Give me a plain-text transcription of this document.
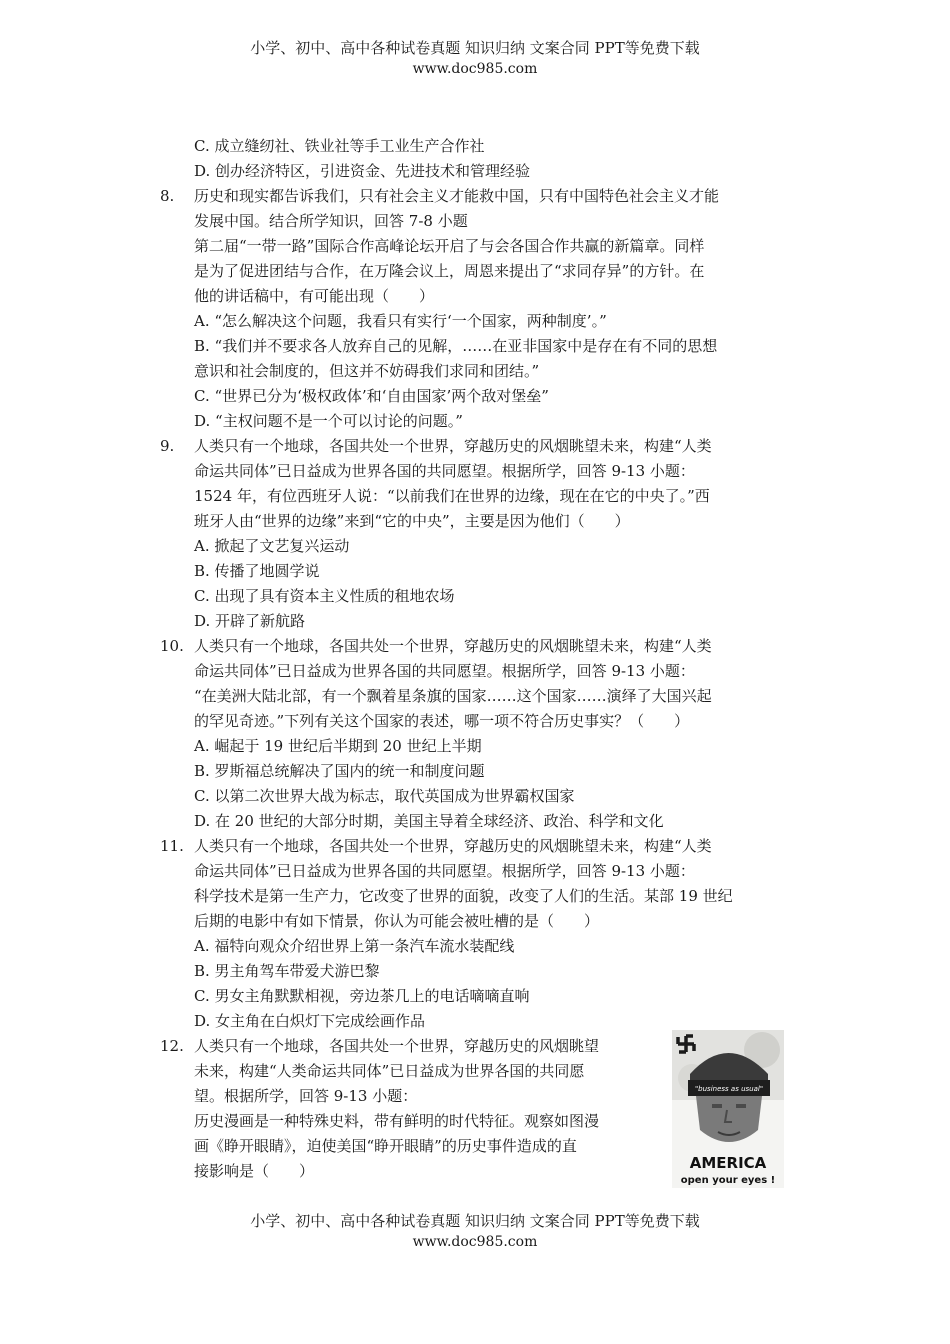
小学、初中、高中各种试卷真题 知识归纳 文案合同 PPT等免费下载
www.doc985.com
C. 成立缝纫社、铁业社等手工业生产合作社
D. 创办经济特区，引进资金、先进技术和管理经验
8. 历史和现实都告诉我们，只有社会主义才能救中国，只有中国特色社会主义才能
发展中国。结合所学知识，回答 7-8 小题
第二届“一带一路”国际合作高峰论坛开启了与会各国合作共赢的新篇章。同样
是为了促进团结与合作，在万隆会议上，周恩来提出了“求同存异”的方针。在
他的讲话稿中，有可能出现（　　）
A. “怎么解决这个问题，我看只有实行‘一个国家，两种制度’。”
B. “我们并不要求各人放弃自己的见解，……在亚非国家中是存在有不同的思想
意识和社会制度的，但这并不妨碍我们求同和团结。”
C. “世界已分为‘极权政体’和‘自由国家’两个敌对堡垒”
D. “主权问题不是一个可以讨论的问题。”
9. 人类只有一个地球，各国共处一个世界，穿越历史的风烟眺望未来，构建“人类
命运共同体”已日益成为世界各国的共同愿望。根据所学，回答 9-13 小题：
1524 年，有位西班牙人说：“以前我们在世界的边缘，现在在它的中央了。”西
班牙人由“世界的边缘”来到“它的中央”，主要是因为他们（　　）
A. 掀起了文艺复兴运动
B. 传播了地圆学说
C. 出现了具有资本主义性质的租地农场
D. 开辟了新航路
10. 人类只有一个地球，各国共处一个世界，穿越历史的风烟眺望未来，构建“人类
命运共同体”已日益成为世界各国的共同愿望。根据所学，回答 9-13 小题：
“在美洲大陆北部，有一个飘着星条旗的国家……这个国家……演绎了大国兴起
的罕见奇迹。”下列有关这个国家的表述，哪一项不符合历史事实？（　　）
A. 崛起于 19 世纪后半期到 20 世纪上半期
B. 罗斯福总统解决了国内的统一和制度问题
C. 以第二次世界大战为标志，取代英国成为世界霸权国家
D. 在 20 世纪的大部分时期，美国主导着全球经济、政治、科学和文化
11. 人类只有一个地球，各国共处一个世界，穿越历史的风烟眺望未来，构建“人类
命运共同体”已日益成为世界各国的共同愿望。根据所学，回答 9-13 小题：
科学技术是第一生产力，它改变了世界的面貌，改变了人们的生活。某部 19 世纪
后期的电影中有如下情景，你认为可能会被吐槽的是（　　）
A. 福特向观众介绍世界上第一条汽车流水装配线
B. 男主角驾车带爱犬游巴黎
C. 男女主角默默相视，旁边茶几上的电话嘀嘀直响
D. 女主角在白炽灯下完成绘画作品
12. 人类只有一个地球，各国共处一个世界，穿越历史的风烟眺望
未来，构建“人类命运共同体”已日益成为世界各国的共同愿
望。根据所学，回答 9-13 小题：
历史漫画是一种特殊史料，带有鲜明的时代特征。观察如图漫
画《睁开眼睛》，迫使美国“睁开眼睛”的历史事件造成的直
接影响是（　　）
"business as usual"
AMERICA
open your eyes !
小学、初中、高中各种试卷真题 知识归纳 文案合同 PPT等免费下载
www.doc985.com
